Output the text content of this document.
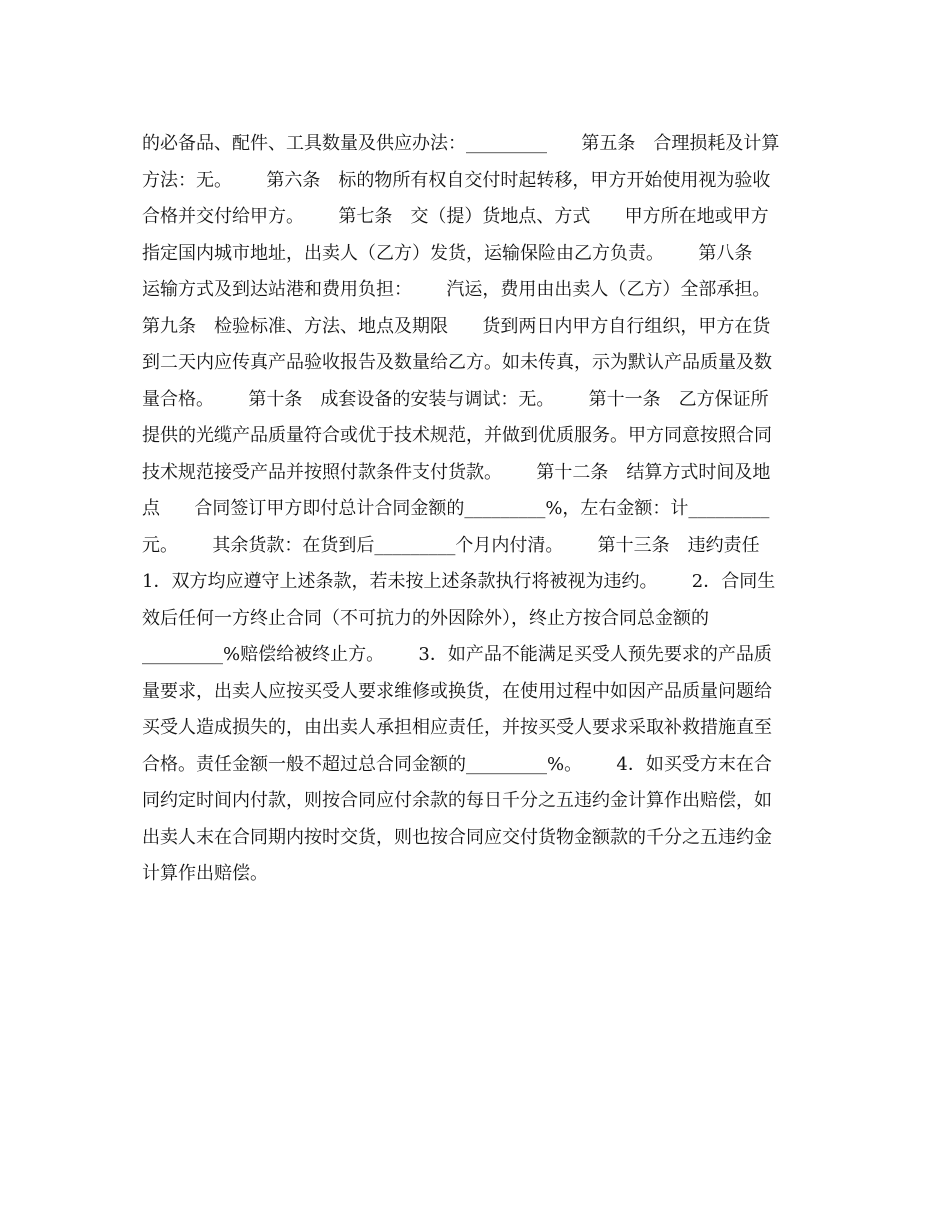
的必备品、配件、工具数量及供应办法：_________      第五条　合理损耗及计算
方法：无。      第六条　标的物所有权自交付时起转移，甲方开始使用视为验收
合格并交付给甲方。      第七条　交（提）货地点、方式      甲方所在地或甲方
指定国内城市地址，出卖人（乙方）发货，运输保险由乙方负责。      第八条
运输方式及到达站港和费用负担：      汽运，费用由出卖人（乙方）全部承担。
第九条　检验标准、方法、地点及期限      货到两日内甲方自行组织，甲方在货
到二天内应传真产品验收报告及数量给乙方。如未传真，示为默认产品质量及数
量合格。      第十条　成套设备的安装与调试：无。      第十一条　乙方保证所
提供的光缆产品质量符合或优于技术规范，并做到优质服务。甲方同意按照合同
技术规范接受产品并按照付款条件支付货款。      第十二条　结算方式时间及地
点      合同签订甲方即付总计合同金额的_________%，左右金额：计_________
元。      其余货款：在货到后_________个月内付清。      第十三条　违约责任
1．双方均应遵守上述条款，若未按上述条款执行将被视为违约。      2．合同生
效后任何一方终止合同（不可抗力的外因除外），终止方按合同总金额的
_________%赔偿给被终止方。      3．如产品不能满足买受人预先要求的产品质
量要求，出卖人应按买受人要求维修或换货，在使用过程中如因产品质量问题给
买受人造成损失的，由出卖人承担相应责任，并按买受人要求采取补救措施直至
合格。责任金额一般不超过总合同金额的_________%。      4．如买受方末在合
同约定时间内付款，则按合同应付余款的每日千分之五违约金计算作出赔偿，如
出卖人末在合同期内按时交货，则也按合同应交付货物金额款的千分之五违约金
计算作出赔偿。
